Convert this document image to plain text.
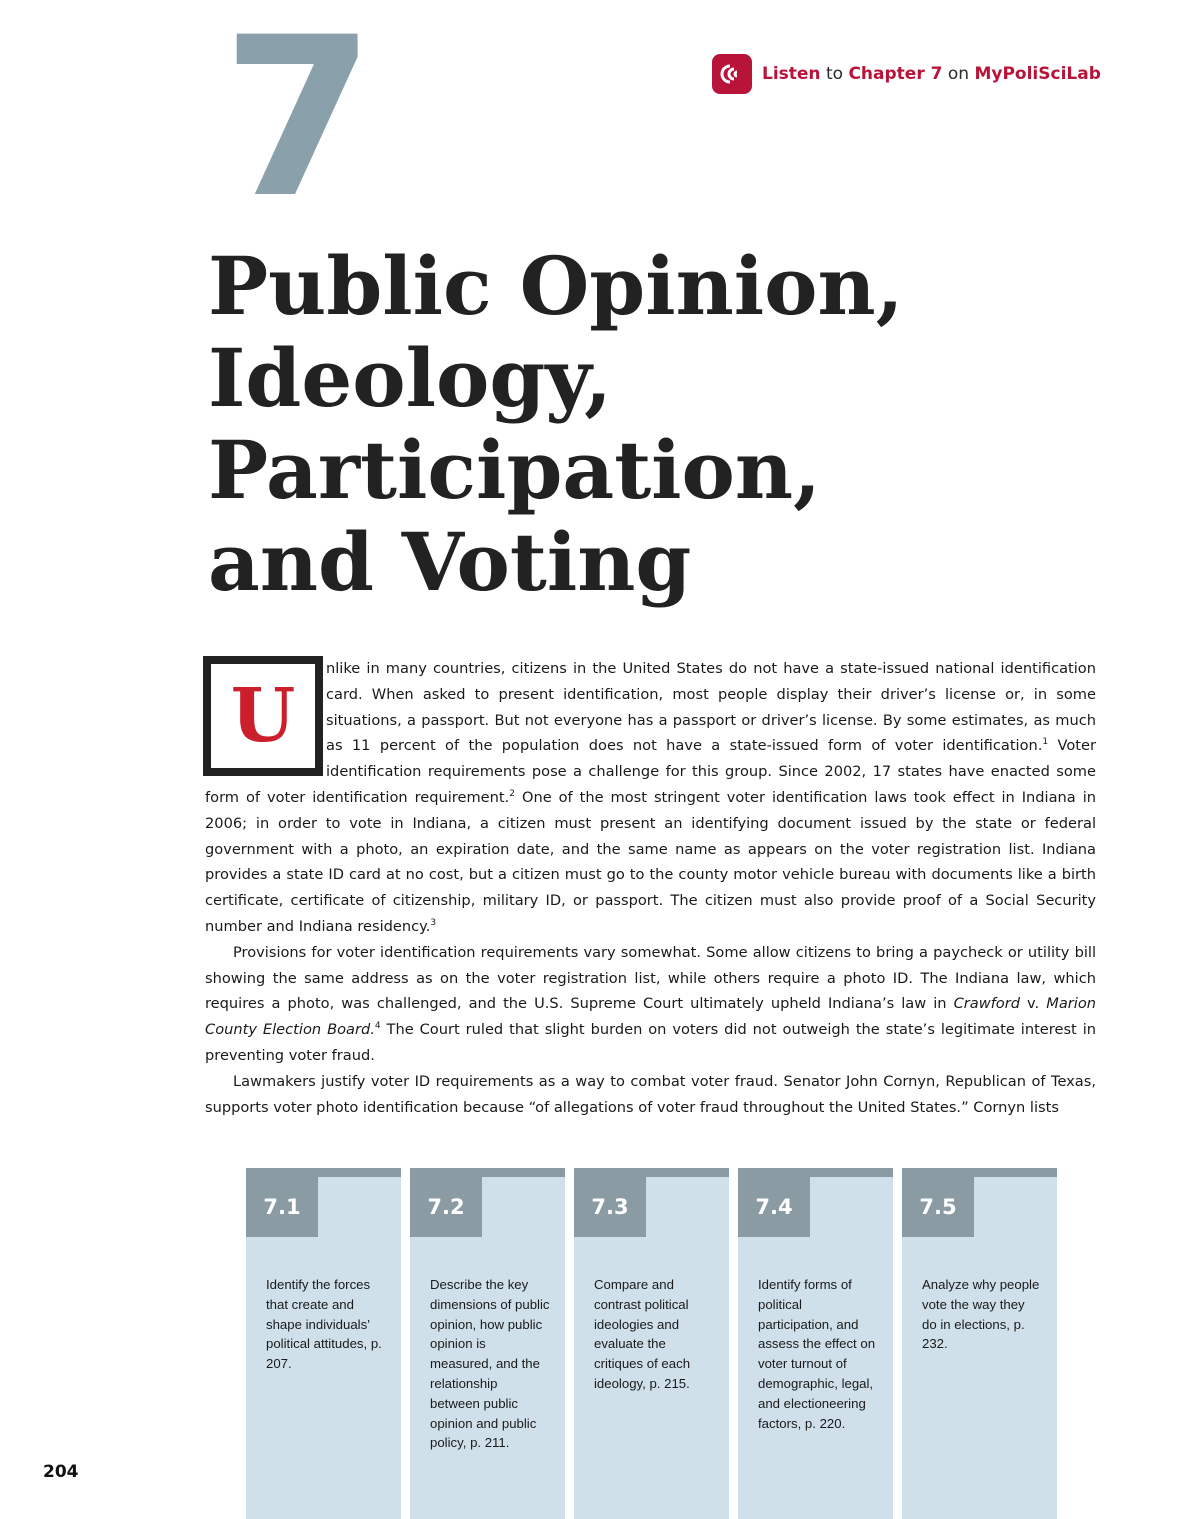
7	Listen to Chapter 7 on MyPoliSciLab
Public Opinion,
Ideology,
Participation,
and Voting
U

nlike in many countries, citizens in the United States do not have a state-issued national identification card. When asked to present identification, most people display their driver’s license or, in some situations, a passport. But not everyone has a passport or driver’s license. By some estimates, as much as 11 percent of the population does not have a state-issued form of voter identification.$^1$ Voter identification requirements pose a challenge for this group. Since 2002, 17 states have enacted some form of voter identification requirement.$^2$ One of the most stringent voter identification laws took effect in Indiana in 2006; in order to vote in Indiana, a citizen must present an identifying document issued by the state or federal government with a photo, an expiration date, and the same name as appears on the voter registration list. Indiana provides a state ID card at no cost, but a citizen must go to the county motor vehicle bureau with documents like a birth certificate, certificate of citizenship, military ID, or passport. The citizen must also provide proof of a Social Security number and Indiana residency.$^3$

Provisions for voter identification requirements vary somewhat. Some allow citizens to bring a paycheck or utility bill showing the same address as on the voter registration list, while others require a photo ID. The Indiana law, which requires a photo, was challenged, and the U.S. Supreme Court ultimately upheld Indiana’s law in Crawford v. Marion County Election Board.$^4$ The Court ruled that slight burden on voters did not outweigh the state’s legitimate interest in preventing voter fraud.

Lawmakers justify voter ID requirements as a way to combat voter fraud. Senator John Cornyn, Republican of Texas, supports voter photo identification because “of allegations of voter fraud throughout the United States.” Cornyn lists

7.1
Identify the forces that create and shape individuals’ political attitudes, p. 207.
7.2
Describe the key dimensions of public opinion, how public opinion is measured, and the relationship between public opinion and public policy, p. 211.
7.3
Compare and contrast political ideologies and evaluate the critiques of each ideology, p. 215.
7.4
Identify forms of political participation, and assess the effect on voter turnout of demographic, legal, and electioneering factors, p. 220.
7.5
Analyze why people vote the way they do in elections, p. 232.
204
